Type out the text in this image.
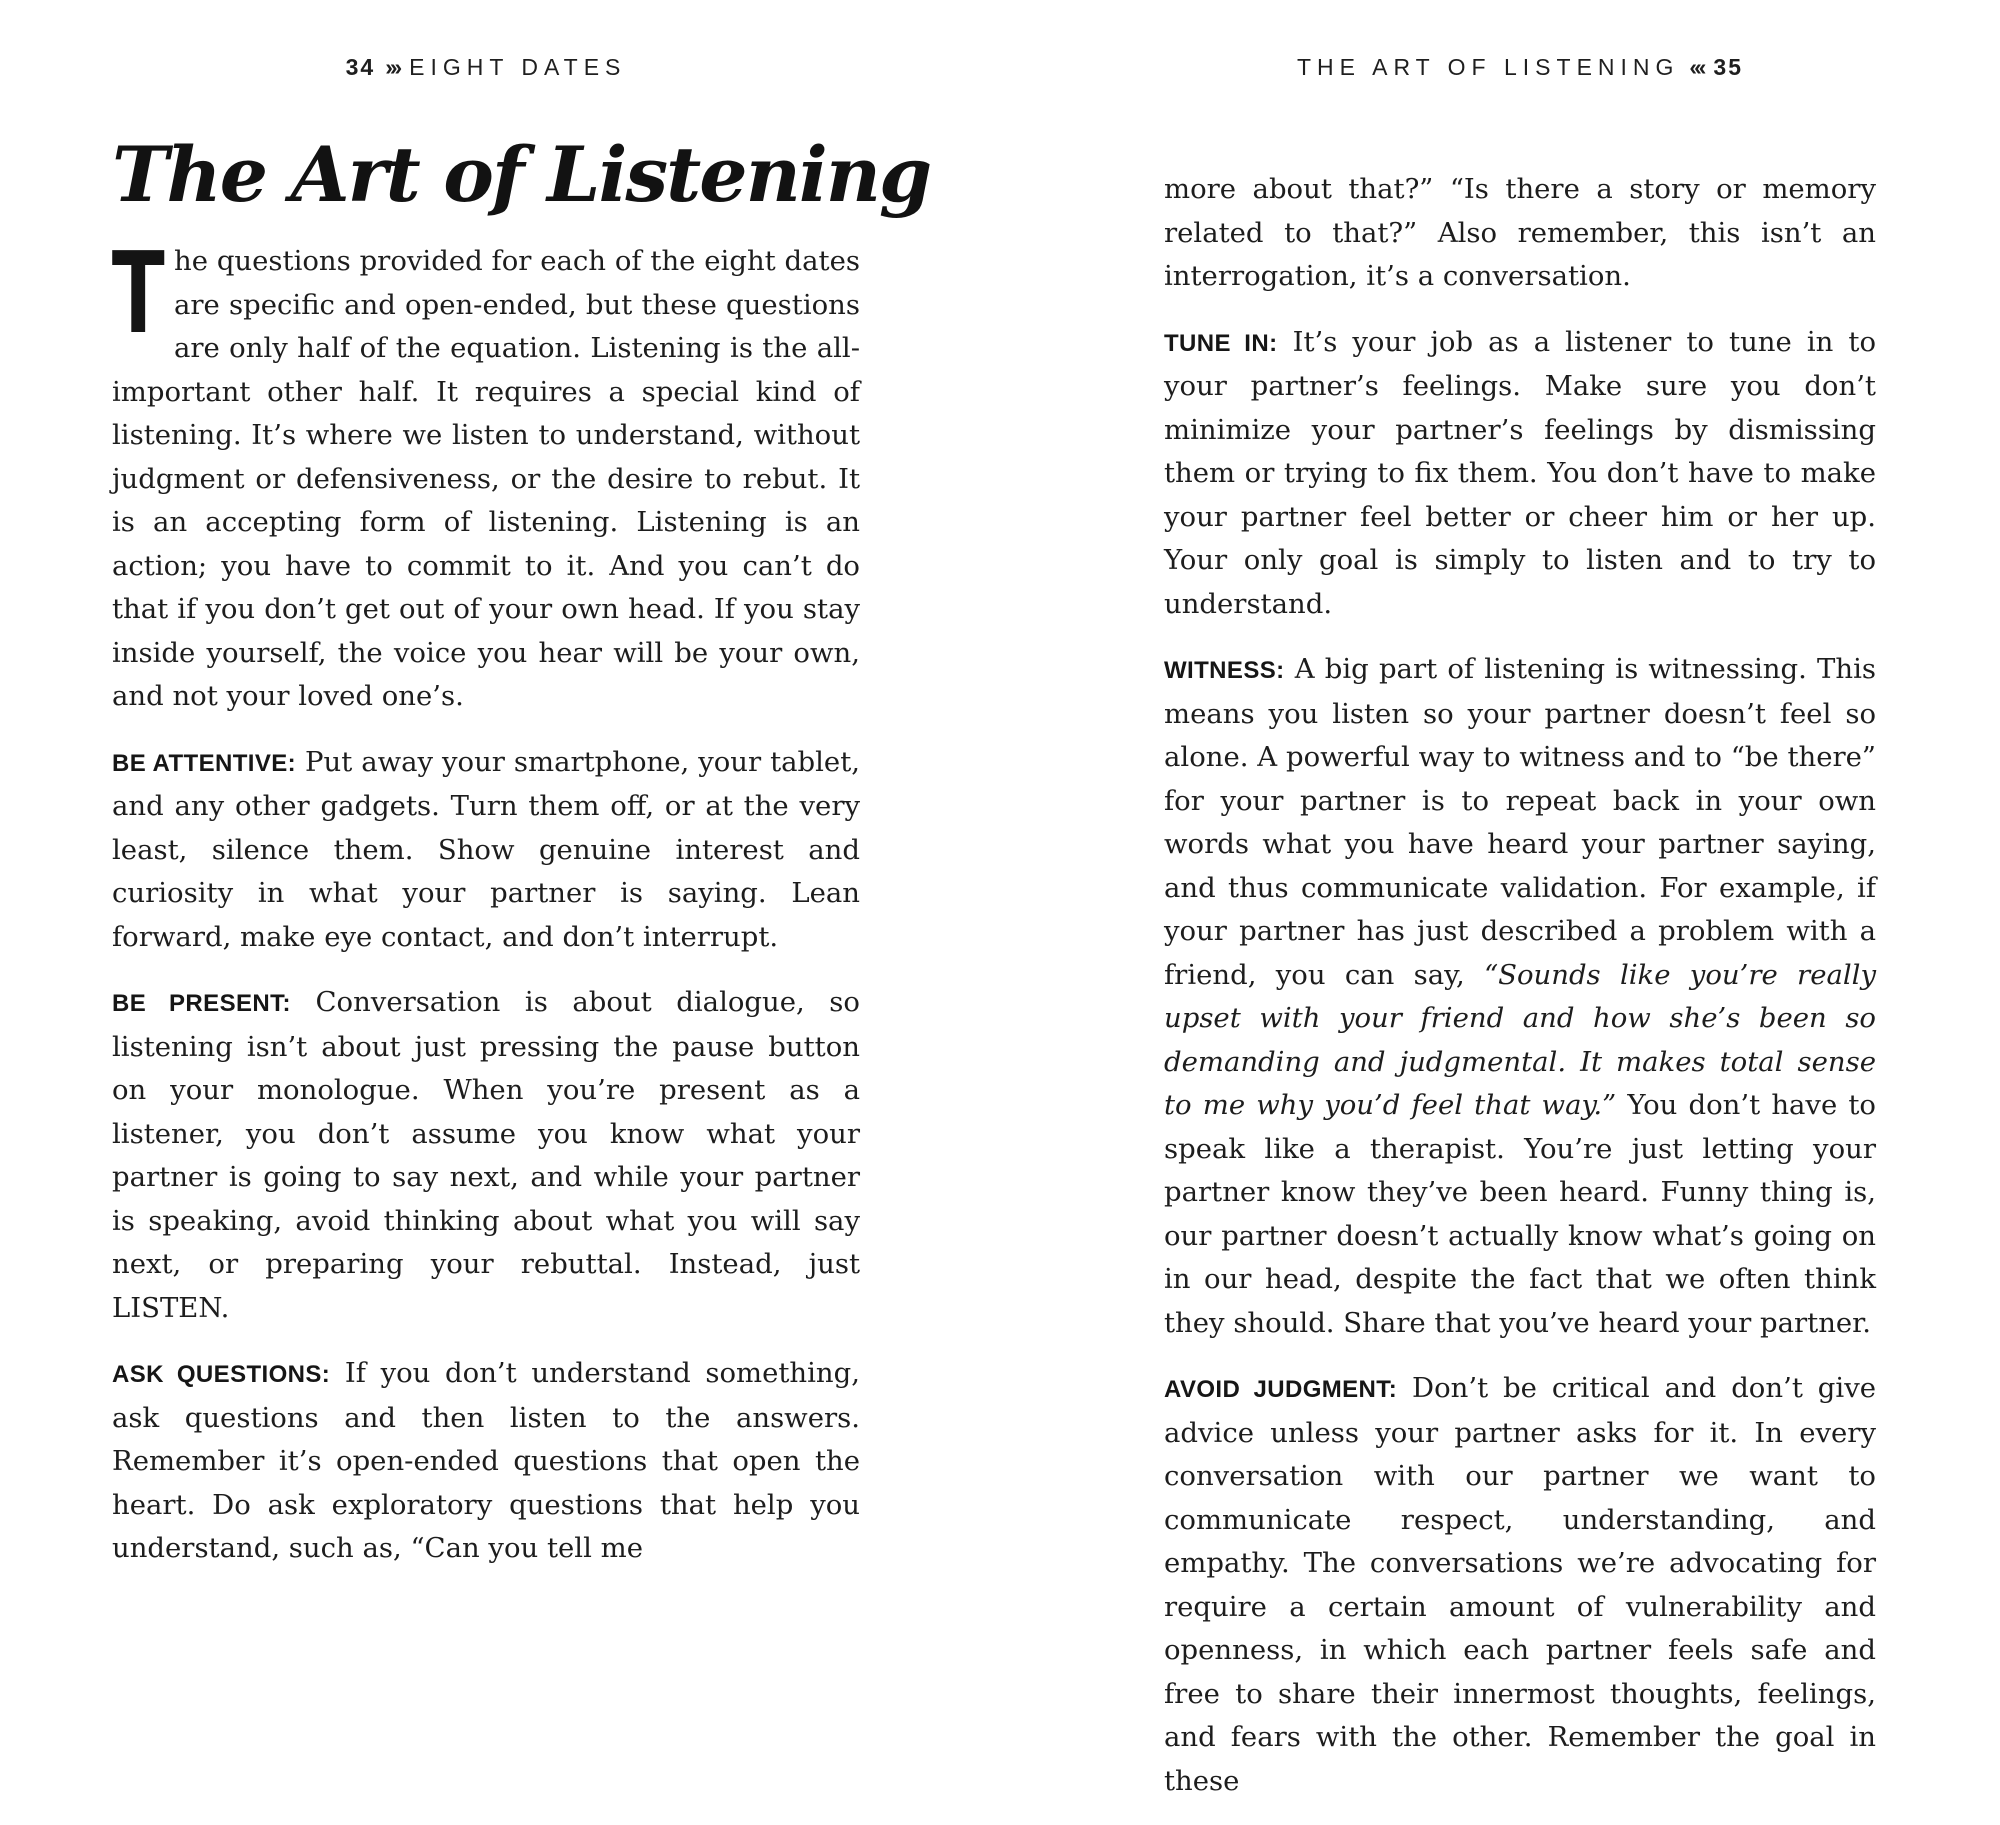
34 ››› EIGHT DATES	THE ART OF LISTENING ‹‹‹ 35
The Art of Listening

The questions provided for each of the eight dates are specific and open-ended, but these questions are only half of the equation. Listening is the all-important other half. It requires a special kind of listening. It’s where we listen to understand, without judgment or defensiveness, or the desire to rebut. It is an accepting form of listening. Listening is an action; you have to commit to it. And you can’t do that if you don’t get out of your own head. If you stay inside yourself, the voice you hear will be your own, and not your loved one’s.

BE ATTENTIVE: Put away your smartphone, your tablet, and any other gadgets. Turn them off, or at the very least, silence them. Show genuine interest and curiosity in what your partner is saying. Lean forward, make eye contact, and don’t interrupt.

BE PRESENT: Conversation is about dialogue, so listening isn’t about just pressing the pause button on your monologue. When you’re present as a listener, you don’t assume you know what your partner is going to say next, and while your partner is speaking, avoid thinking about what you will say next, or preparing your rebuttal. Instead, just LISTEN.

ASK QUESTIONS: If you don’t understand something, ask questions and then listen to the answers. Remember it’s open-ended questions that open the heart. Do ask exploratory questions that help you understand, such as, “Can you tell me

more about that?” “Is there a story or memory related to that?” Also remember, this isn’t an interrogation, it’s a conversation.

TUNE IN: It’s your job as a listener to tune in to your partner’s feelings. Make sure you don’t minimize your partner’s feelings by dismissing them or trying to fix them. You don’t have to make your partner feel better or cheer him or her up. Your only goal is simply to listen and to try to understand.

WITNESS: A big part of listening is witnessing. This means you listen so your partner doesn’t feel so alone. A powerful way to witness and to “be there” for your partner is to repeat back in your own words what you have heard your partner saying, and thus communicate validation. For example, if your partner has just described a problem with a friend, you can say, “Sounds like you’re really upset with your friend and how she’s been so demanding and judgmental. It makes total sense to me why you’d feel that way.” You don’t have to speak like a therapist. You’re just letting your partner know they’ve been heard. Funny thing is, our partner doesn’t actually know what’s going on in our head, despite the fact that we often think they should. Share that you’ve heard your partner.

AVOID JUDGMENT: Don’t be critical and don’t give advice unless your partner asks for it. In every conversation with our partner we want to communicate respect, understanding, and empathy. The conversations we’re advocating for require a certain amount of vulnerability and openness, in which each partner feels safe and free to share their innermost thoughts, feelings, and fears with the other. Remember the goal in these
